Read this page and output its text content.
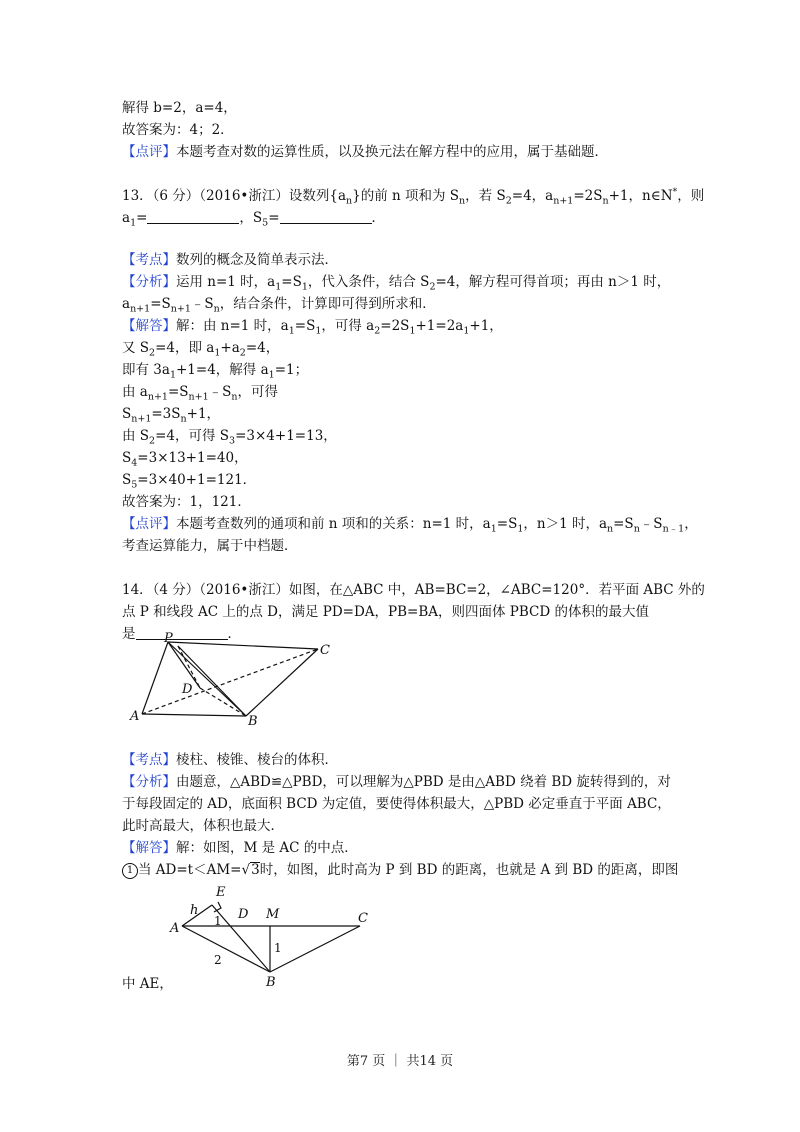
解得 b=2，a=4，
故答案为：4；2．
【点评】本题考查对数的运算性质，以及换元法在解方程中的应用，属于基础题．
13．（6 分）（2016•浙江）设数列$\{a_n\}$的前 n 项和为 $S_n$，若 $S_2=4$，$a_{n+1}=2S_n+1$，n∈N*，则
$a_1=$	，$S_5=$	．
【考点】数列的概念及简单表示法．
【分析】运用 n=1 时，$a_1=S_1$，代入条件，结合 $S_2=4$，解方程可得首项；再由 n＞1 时，
$a_{n+1}=S_{n+1}﹣S_n$，结合条件，计算即可得到所求和．
【解答】解：由 n=1 时，$a_1=S_1$，可得 $a_2=2S_1+1=2a_1+1$，
又 $S_2=4$，即 $a_1+a_2=4$，
即有 $3a_1+1=4$，解得 $a_1=1$；
由 $a_{n+1}=S_{n+1}﹣S_n$，可得
$S_{n+1}=3S_n+1$，
由 $S_2=4$，可得 $S_3=3\times 4+1=13$，
$S_4=3\times 13+1=40$，
$S_5=3\times 40+1=121$．
故答案为：1，121．
【点评】本题考查数列的通项和前 n 项和的关系：n=1 时，$a_1=S_1$，n＞1 时，$a_n=S_n﹣S_{n﹣1}$，
考查运算能力，属于中档题．
14．（4 分）（2016•浙江）如图，在△ABC 中，AB=BC=2，∠ABC=120°．若平面 ABC 外的
点 P 和线段 AC 上的点 D，满足 PD=DA，PB=BA，则四面体 PBCD 的体积的最大值
是	．
P
C
D
A	B
【考点】棱柱、棱锥、棱台的体积．
【分析】由题意，△ABD≌△PBD，可以理解为△PBD 是由△ABD 绕着 BD 旋转得到的，对
于每段固定的 AD，底面积 BCD 为定值，要使得体积最大，△PBD 必定垂直于平面 ABC，
此时高最大，体积也最大．
【解答】解：如图，M 是 AC 的中点．
1 当 AD=t＜AM=√3时，如图，此时高为 P 到 BD 的距离，也就是 A 到 BD 的距离，即图
E
h
1 D M	C
A
1
2
B
中 AE，
第7 页 ｜ 共14 页
